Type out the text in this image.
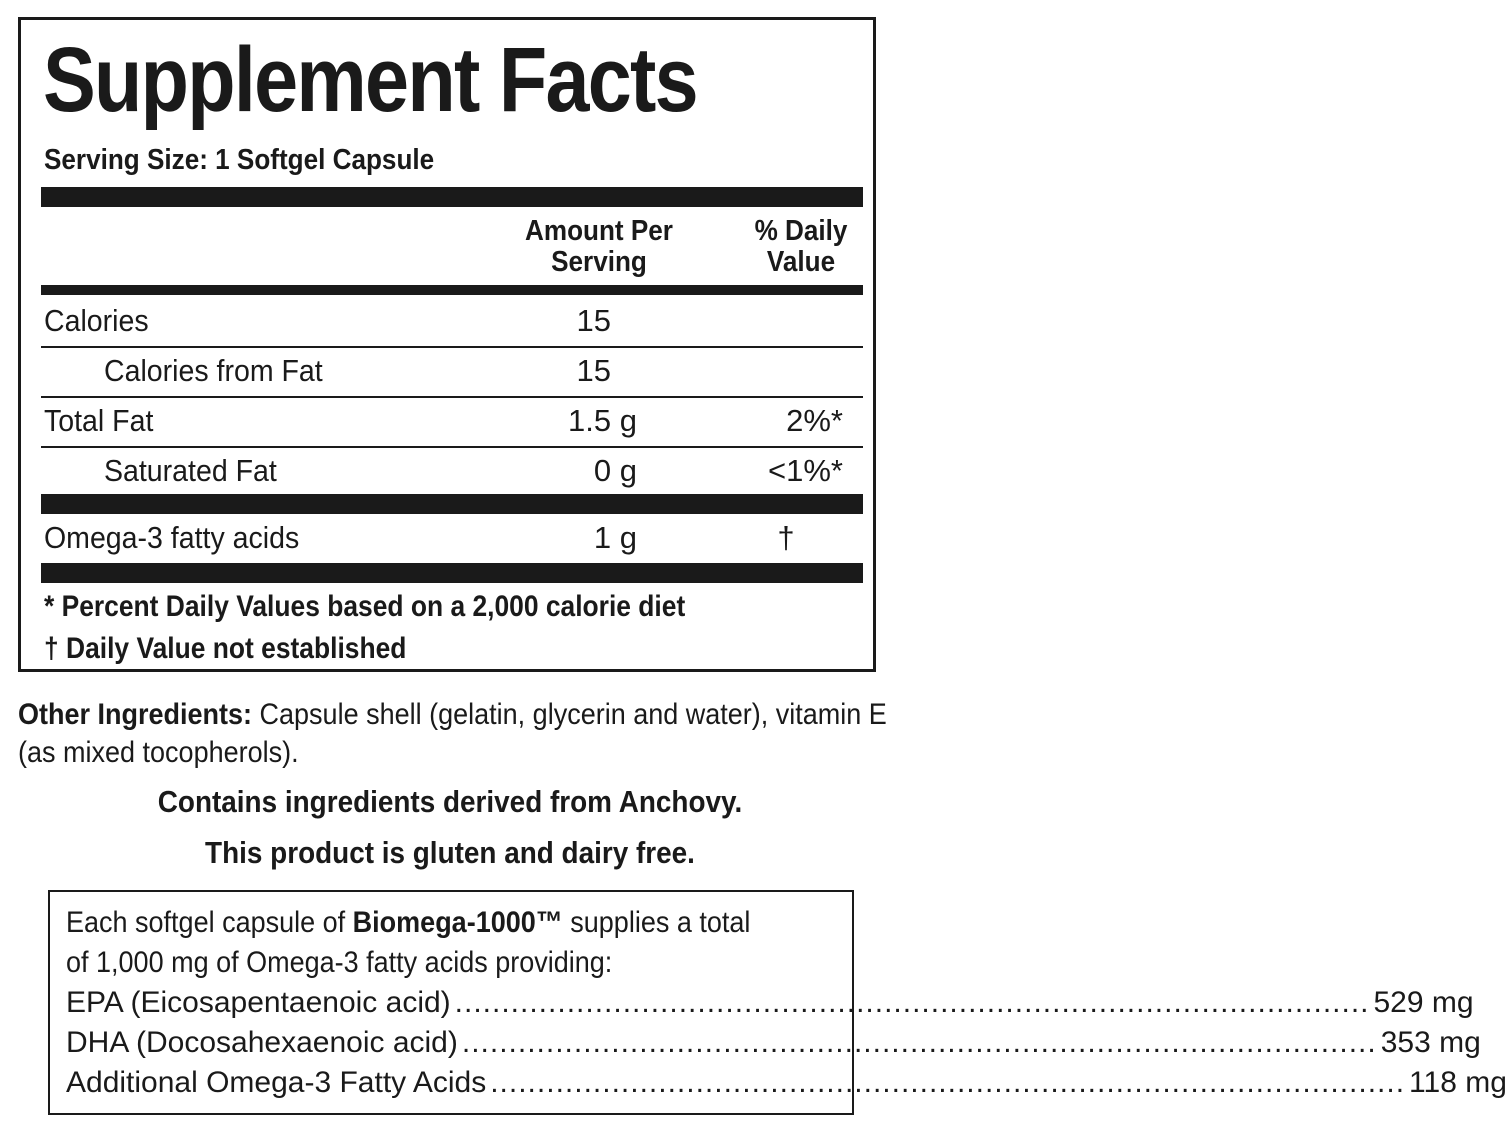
Supplement Facts
Serving Size: 1 Softgel Capsule
Amount Per
Serving
% Daily
Value
Calories	15
Calories from Fat	15
Total Fat	1.5 g	2%*
Saturated Fat	0 g	<1%*
Omega-3 fatty acids	1 g	†
* Percent Daily Values based on a 2,000 calorie diet
† Daily Value not established
Other Ingredients: Capsule shell (gelatin, glycerin and water), vitamin E (as mixed tocopherols).
Contains ingredients derived from Anchovy.
This product is gluten and dairy free.
Each softgel capsule of Biomega-1000™ supplies a total
of 1,000 mg of Omega-3 fatty acids providing:
EPA (Eicosapentaenoic acid) .................................................................................................. 529 mg
DHA (Docosahexaenoic acid) .................................................................................................. 353 mg
Additional Omega-3 Fatty Acids .................................................................................................. 118 mg
